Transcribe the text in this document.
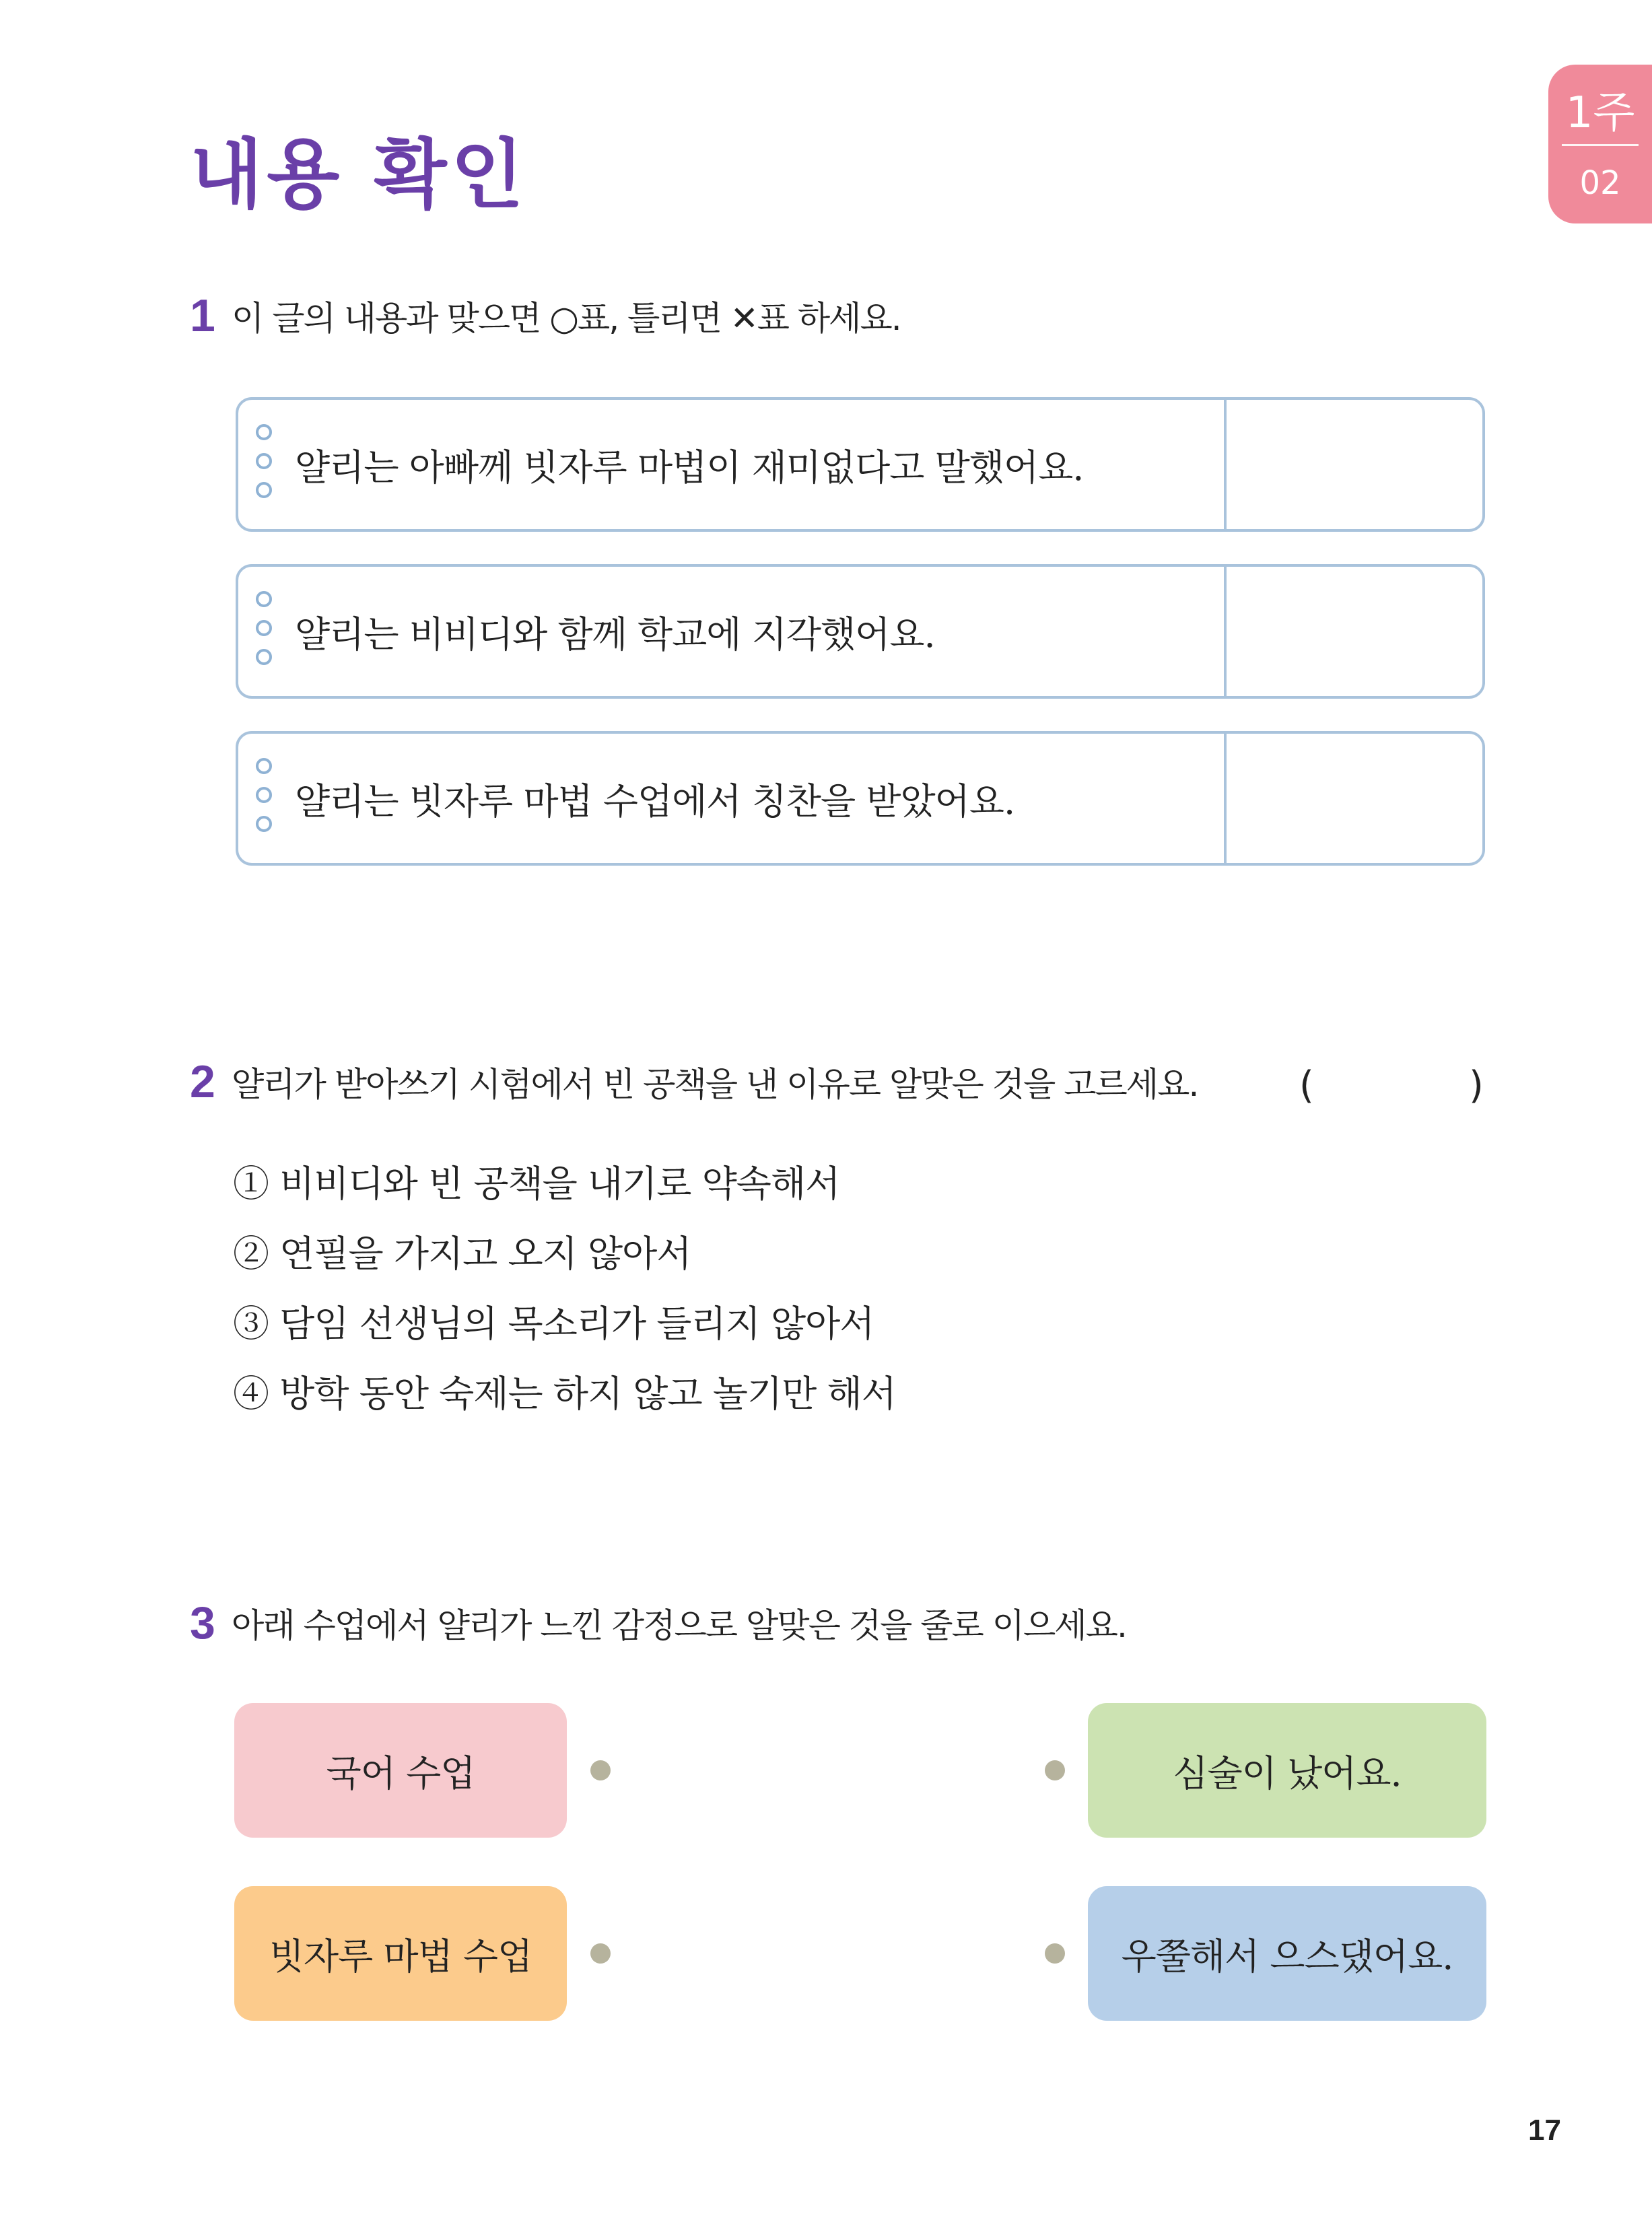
내용 확인
1주
02
1 이 글의 내용과 맞으면 ○표, 틀리면 ✕표 하세요.
얄리는 아빠께 빗자루 마법이 재미없다고 말했어요.
얄리는 비비디와 함께 학교에 지각했어요.
얄리는 빗자루 마법 수업에서 칭찬을 받았어요.
2 얄리가 받아쓰기 시험에서 빈 공책을 낸 이유로 알맞은 것을 고르세요.	(	)
① 비비디와 빈 공책을 내기로 약속해서
② 연필을 가지고 오지 않아서
③ 담임 선생님의 목소리가 들리지 않아서
④ 방학 동안 숙제는 하지 않고 놀기만 해서
3 아래 수업에서 얄리가 느낀 감정으로 알맞은 것을 줄로 이으세요.
국어 수업	심술이 났어요.
빗자루 마법 수업	우쭐해서 으스댔어요.
17
